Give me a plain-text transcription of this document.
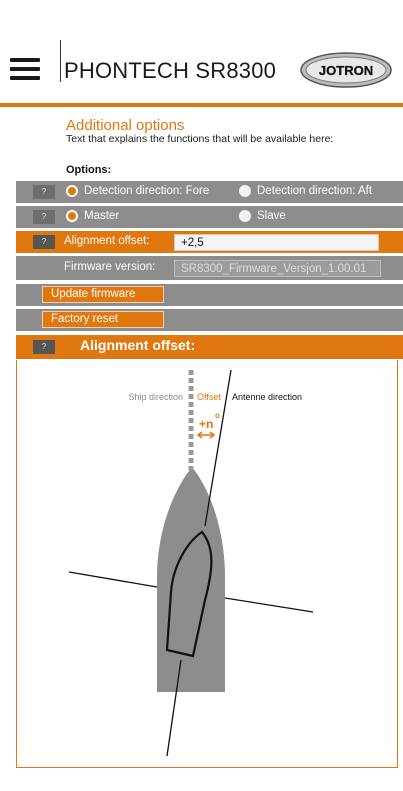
PHONTECH SR8300	JOTRON
Additional options
Text that explains the functions that will be available here:
Options:
?	Detection direction: Fore	Detection direction: Aft
?	Master	Slave
?	Alignment offset:	+2,5
Firmware version:	SR8300_Firmware_Versjon_1.00.01
Update firmware
Factory reset
?	Alignment offset:
Ship direction Offset Antenne direction
+n
o
